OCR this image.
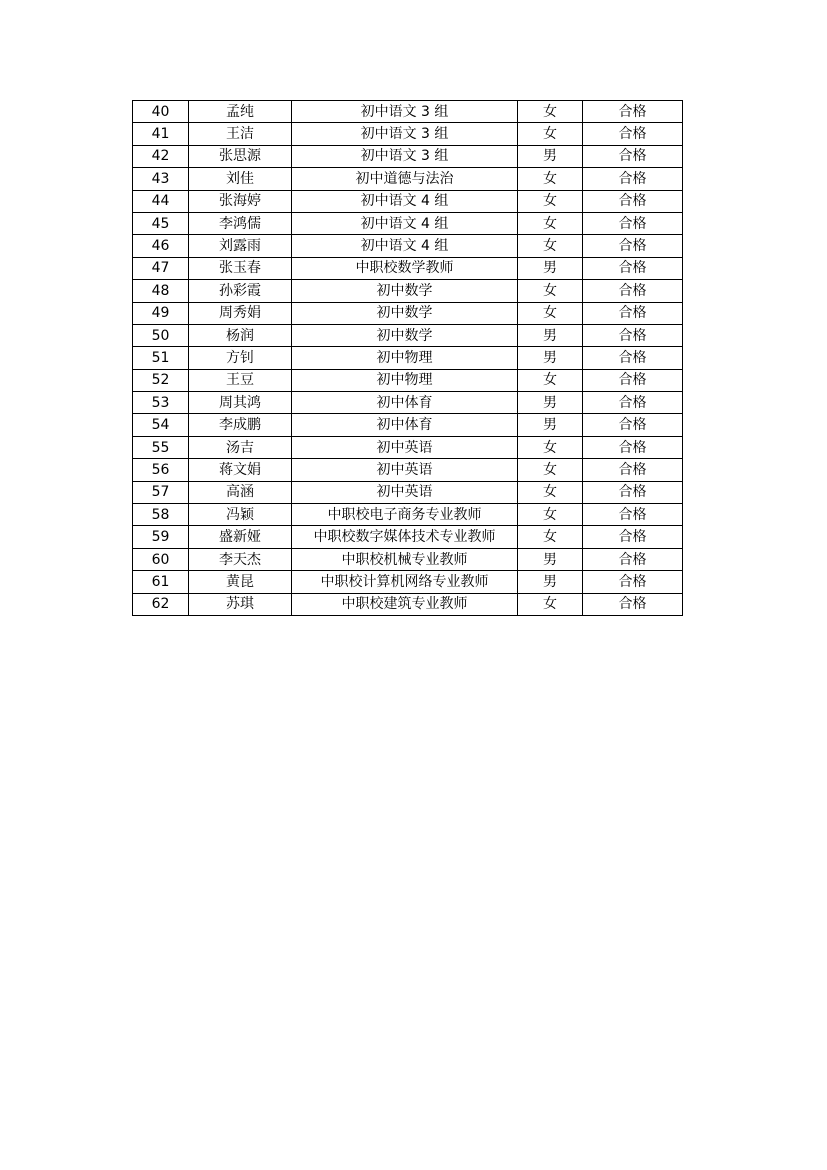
40	孟纯	初中语文 3 组	女	合格
41	王洁	初中语文 3 组	女	合格
42	张思源	初中语文 3 组	男	合格
43	刘佳	初中道德与法治	女	合格
44	张海婷	初中语文 4 组	女	合格
45	李鸿儒	初中语文 4 组	女	合格
46	刘露雨	初中语文 4 组	女	合格
47	张玉春	中职校数学教师	男	合格
48	孙彩霞	初中数学	女	合格
49	周秀娟	初中数学	女	合格
50	杨润	初中数学	男	合格
51	方钊	初中物理	男	合格
52	王豆	初中物理	女	合格
53	周其鸿	初中体育	男	合格
54	李成鹏	初中体育	男	合格
55	汤吉	初中英语	女	合格
56	蒋文娟	初中英语	女	合格
57	高涵	初中英语	女	合格
58	冯颖	中职校电子商务专业教师	女	合格
59	盛新娅	中职校数字媒体技术专业教师	女	合格
60	李天杰	中职校机械专业教师	男	合格
61	黄昆	中职校计算机网络专业教师	男	合格
62	苏琪	中职校建筑专业教师	女	合格
